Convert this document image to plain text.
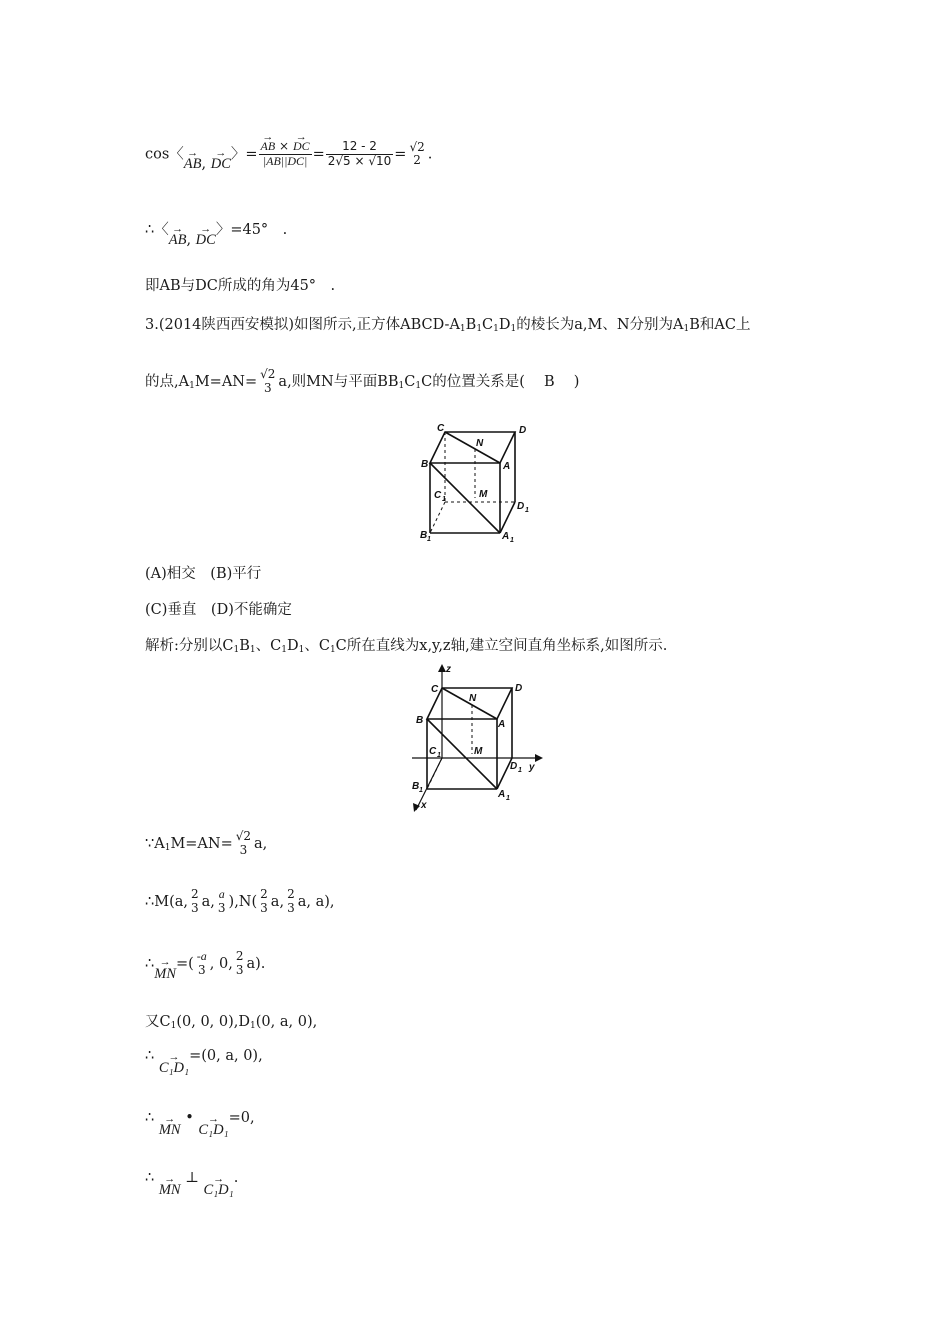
cos〈→ AB, → DC〉= → $\frac{AB \times \to DC}{|AB||DC|} = \frac{12 - 2}{2√5 \times √10} = √2$
2 .
∴〈→ AB, → DC〉=45°　.
即AB与DC所成的角为45°　.
3.(2014陕西西安模拟)如图所示,正方体ABCD-$A_1B_1C_1D_1$的棱长为a,M、N分别为$A_1B$和AC上
的点$,A_1M=AN= √2$
3 a,则MN与平面$BB_1C_1C$的位置关系是(　 B　 )
C
N
D
B	A
C 1	M
D 1
B 1	A 1
(A)相交　(B)平行
(C)垂直　(D)不能确定
解析:分别以$C_1B_1$、$C_1D_1$、$C_1C$所在直线为x,y,z轴,建立空间直角坐标系,如图所示.
z
y
x
C
N
D
B	A
C 1	M
D 1
B 1	A 1
$\because A_1M=AN= √2$
3 a,
∴M(a, 2
3 a, a
3 ),N( 2
3 a, 2
3 a, a),
∴→ MN=( -a
3 , 0, 2
3 a).
又$C_1(0$, 0, $0),D_1(0$, a, 0),
∴ → C₁D₁=(0, a, 0),
∴ → MN • → C₁D₁=0,
∴ → MN ⊥ → C₁D₁.
